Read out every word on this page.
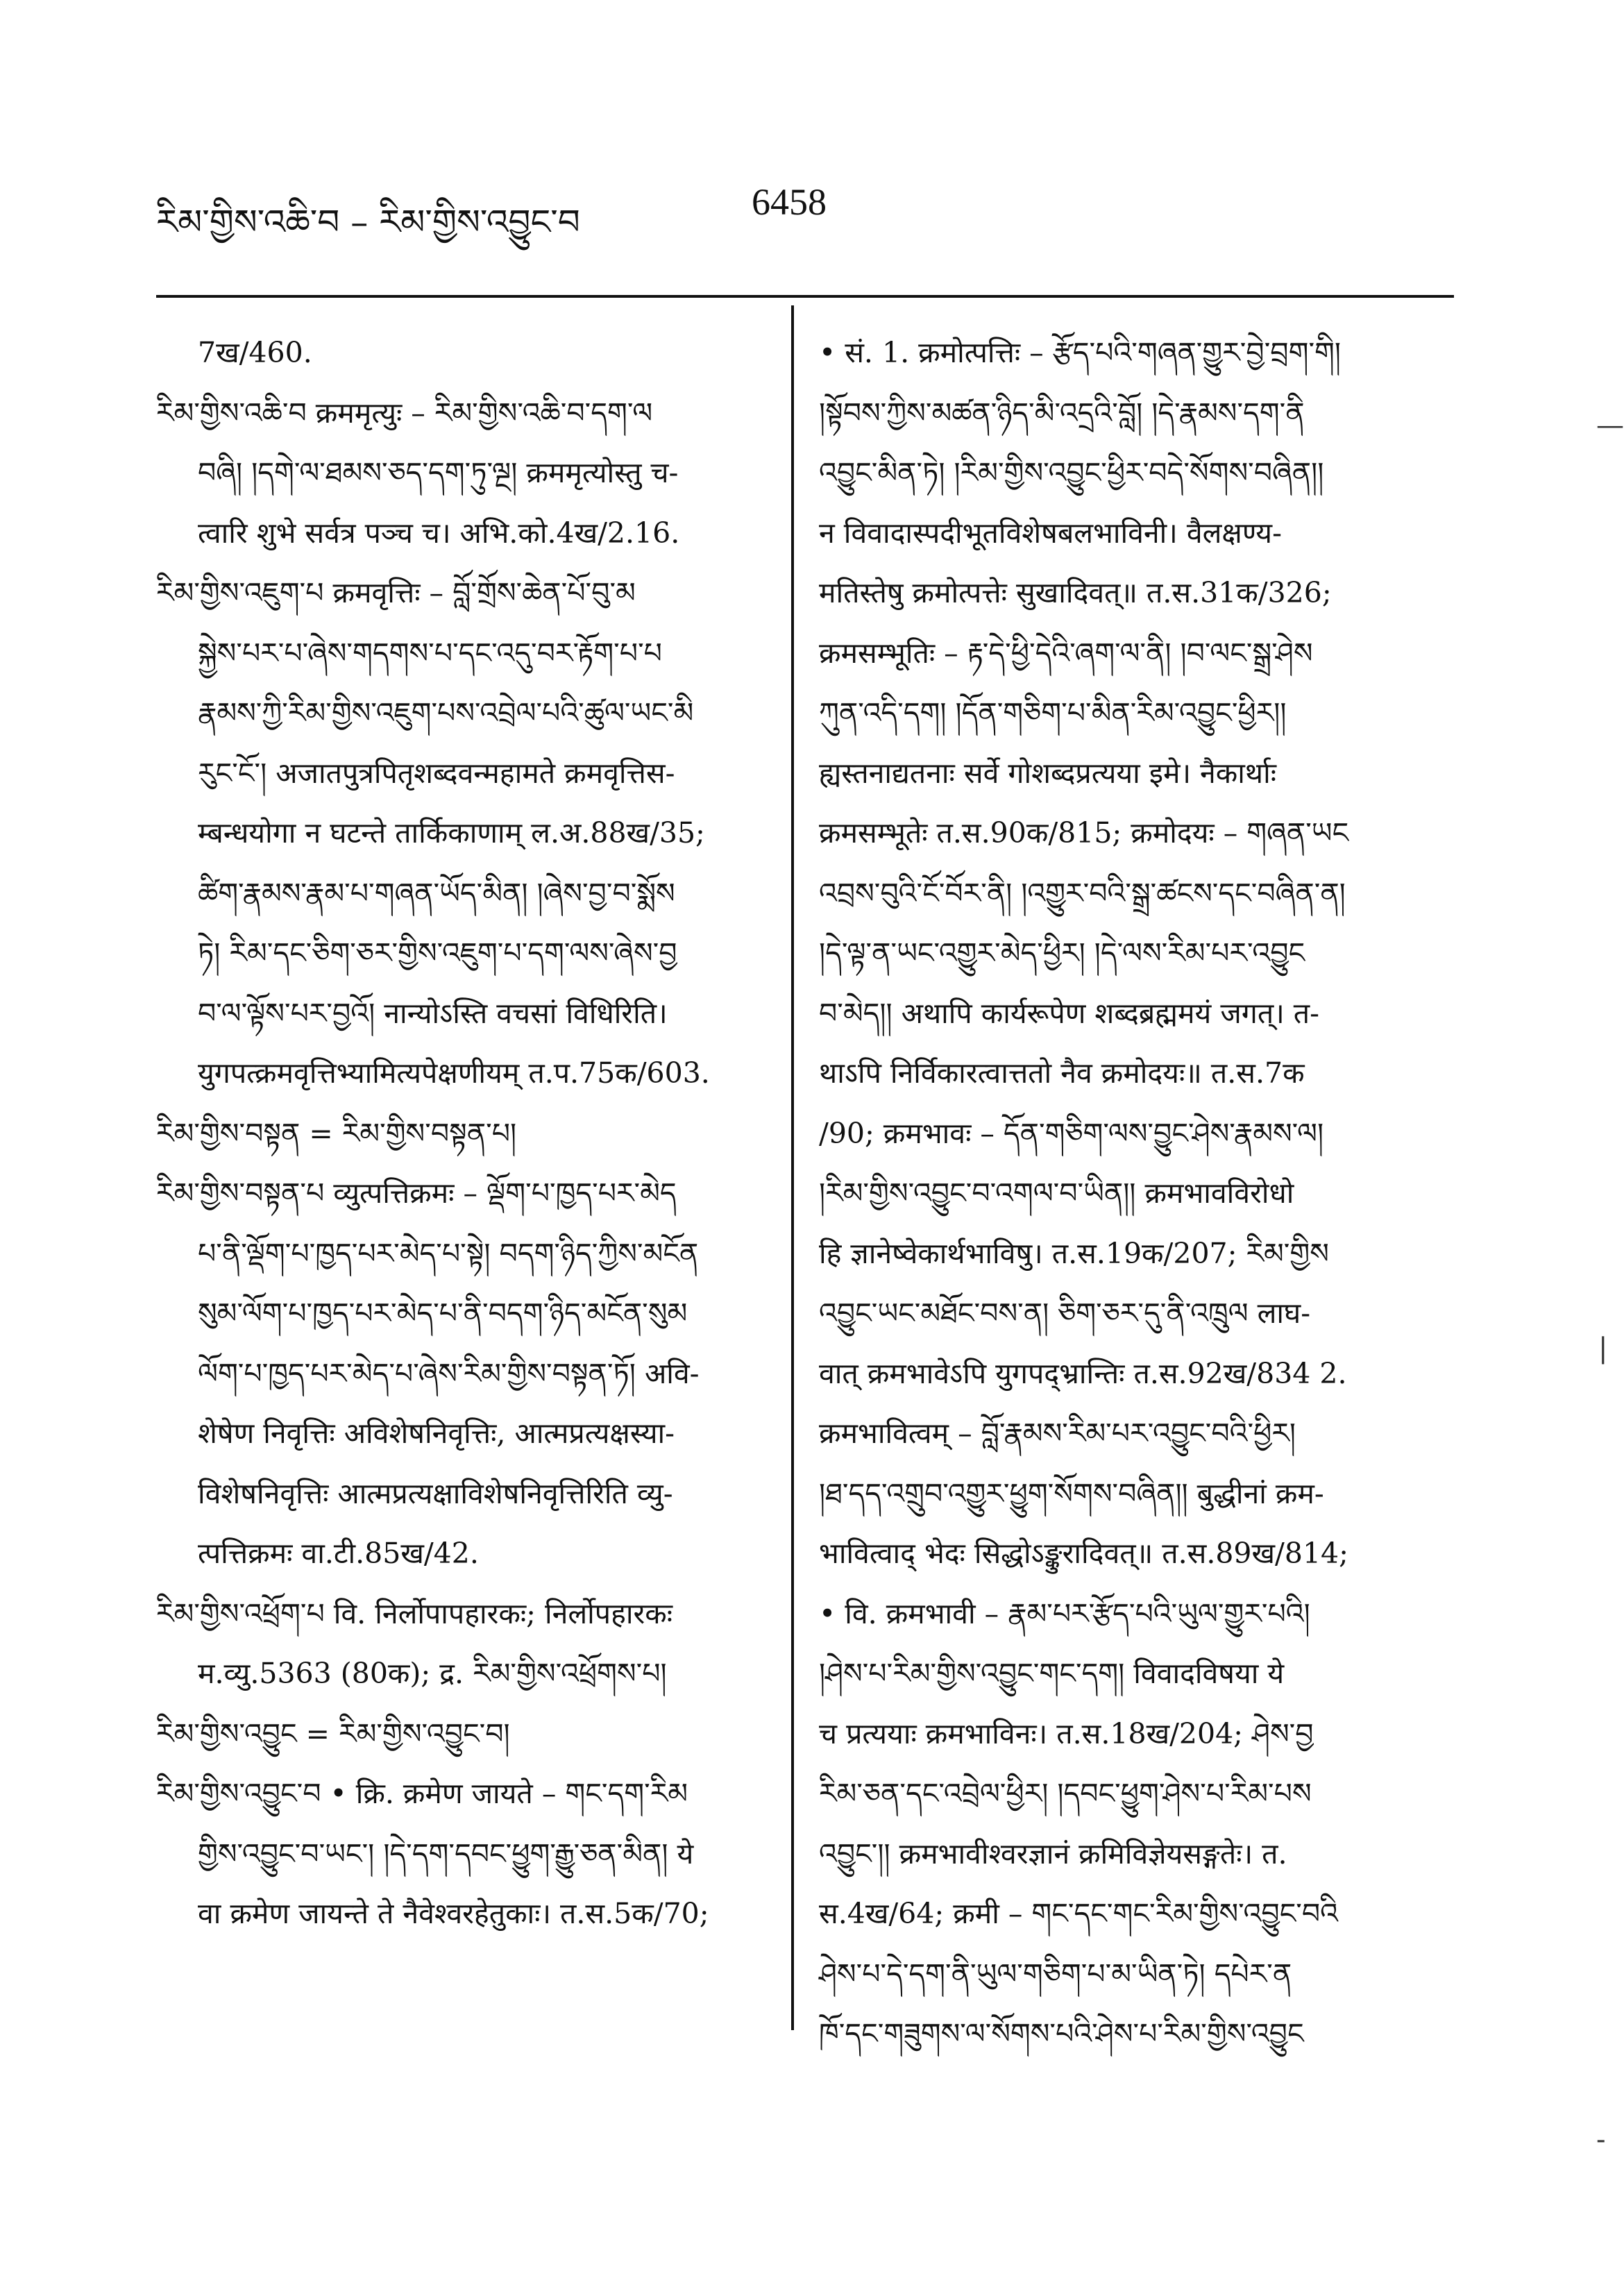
རིམ་གྱིས་འཆི་བ – རིམ་གྱིས་འབྱུང་བ	6458
7ख/460.
རིམ་གྱིས་འཆི་བ क्रममृत्युः – རིམ་གྱིས་འཆི་བ་དག་ལ
བཞི། །དགེ་ལ་ཐམས་ཅད་དག་ཏུ་ལྔ། क्रममृत्योस्तु च-
त्वारि शुभे सर्वत्र पञ्च च। अभि.को.4ख/2.16.
རིམ་གྱིས་འཇུག་པ क्रमवृत्तिः – བློ་གྲོས་ཆེན་པོ་བུ་མ
སྐྱེས་པར་པ་ཞེས་གདགས་པ་དང་འདུ་བར་རྟོག་པ་པ
རྣམས་ཀྱི་རིམ་གྱིས་འཇུག་པས་འབྲེལ་པའི་ཚུལ་ཡང་མི
རུང་ངོ་། अजातपुत्रपितृशब्दवन्महामते क्रमवृत्तिस-
म्बन्धयोगा न घटन्ते तार्किकाणाम् ल.अ.88ख/35;
ཚིག་རྣམས་རྣམ་པ་གཞན་ཡོད་མིན། །ཞེས་བྱ་བ་སྨོས
ཏེ། རིམ་དང་ཅིག་ཅར་གྱིས་འཇུག་པ་དག་ལས་ཞེས་བྱ
བ་ལ་ལྟོས་པར་བྱའོ། नान्योऽस्ति वचसां विधिरिति।
युगपत्क्रमवृत्तिभ्यामित्यपेक्षणीयम् त.प.75क/603.
རིམ་གྱིས་བསྟན = རིམ་གྱིས་བསྟན་པ།
རིམ་གྱིས་བསྟན་པ व्युत्पत्तिक्रमः – ལྡོག་པ་ཁྱད་པར་མེད
པ་ནི་ལྡོག་པ་ཁྱད་པར་མེད་པ་སྟེ། བདག་ཉིད་ཀྱིས་མངོན
སུམ་ལོག་པ་ཁྱད་པར་མེད་པ་ནི་བདག་ཉིད་མངོན་སུམ
ལོག་པ་ཁྱད་པར་མེད་པ་ཞེས་རིམ་གྱིས་བསྟན་ཏོ། अवि-
शेषेण निवृत्तिः अविशेषनिवृत्तिः, आत्मप्रत्यक्षस्या-
विशेषनिवृत्तिः आत्मप्रत्यक्षाविशेषनिवृत्तिरिति व्यु-
त्पत्तिक्रमः वा.टी.85ख/42.
རིམ་གྱིས་འཕྲོག་པ वि. निर्लोपापहारकः; निर्लोपहारकः
म.व्यु.5363 (80क); द्र. རིམ་གྱིས་འཕྲོགས་པ།
རིམ་གྱིས་འབྱུང = རིམ་གྱིས་འབྱུང་བ།
རིམ་གྱིས་འབྱུང་བ • क्रि. क्रमेण जायते – གང་དག་རིམ
གྱིས་འབྱུང་བ་ཡང་། །དེ་དག་དབང་ཕྱུག་རྒྱུ་ཅན་མིན། ये
वा क्रमेण जायन्ते ते नैवेश्वरहेतुकाः। त.स.5क/70;
• सं. 1. क्रमोत्पत्तिः – རྩོད་པའི་གཞན་གྱུར་བྱེ་བྲག་གི།
།སྟོབས་ཀྱིས་མཚན་ཉིད་མི་འདྲའི་བློ། །དེ་རྣམས་དག་ནི
འབྱུང་མིན་ཏེ། །རིམ་གྱིས་འབྱུང་ཕྱིར་བདེ་སོགས་བཞིན།།
न विवादास्पदीभूतविशेषबलभाविनी। वैलक्षण्य-
मतिस्तेषु क्रमोत्पत्तेः सुखादिवत्॥ त.स.31क/326;
क्रमसम्भूतिः – རྟ་དེ་ཕྱི་དེའི་ཞག་ལ་ནི། །བ་ལང་སྒྲ་ཤེས
ཀུན་འདི་དག། །དོན་གཅིག་པ་མིན་རིམ་འབྱུང་ཕྱིར།།
ह्यस्तनाद्यतनाः सर्वे गोशब्दप्रत्यया इमे। नैकार्थाः
क्रमसम्भूतेः त.स.90क/815; क्रमोदयः – གཞན་ཡང
འབྲས་བུའི་ངོ་བོར་ནི། །འགྱུར་བའི་སྒྲ་ཚངས་དང་བཞིན་ན།
།དེ་ལྟ་ན་ཡང་འགྱུར་མེད་ཕྱིར། །དེ་ལས་རིམ་པར་འབྱུང
བ་མེད།། अथापि कार्यरूपेण शब्दब्रह्ममयं जगत्। त-
थाऽपि निर्विकारत्वात्ततो नैव क्रमोदयः॥ त.स.7क
/90; क्रमभावः – དོན་གཅིག་ལས་བྱུང་ཤེས་རྣམས་ལ།
།རིམ་གྱིས་འབྱུང་བ་འགལ་བ་ཡིན།། क्रमभावविरोधो
हि ज्ञानेष्वेकार्थभाविषु। त.स.19क/207; རིམ་གྱིས
འབྱུང་ཡང་མཐོང་བས་ན། ཅིག་ཅར་དུ་ནི་འཁྲུལ लाघ-
वात् क्रमभावेऽपि युगपद्भ्रान्तिः त.स.92ख/834 2.
क्रमभावित्वम् – བློ་རྣམས་རིམ་པར་འབྱུང་བའི་ཕྱིར།
།ཐ་དད་འགྲུབ་འགྱུར་ཕྱུག་སོགས་བཞིན།། बुद्धीनां क्रम-
भावित्वाद् भेदः सिद्धोऽङ्कुरादिवत्॥ त.स.89ख/814;
• वि. क्रमभावी – རྣམ་པར་རྩོད་པའི་ཡུལ་གྱུར་པའི།
།ཤེས་པ་རིམ་གྱིས་འབྱུང་གང་དག། विवादविषया ये
च प्रत्ययाः क्रमभाविनः। त.स.18ख/204; ཤེས་བྱ
རིམ་ཅན་དང་འབྲེལ་ཕྱིར། །དབང་ཕྱུག་ཤེས་པ་རིམ་པས
འབྱུང་།། क्रमभावीश्वरज्ञानं क्रमिविज्ञेयसङ्गतेः। त.
स.4ख/64; क्रमी – གང་དང་གང་རིམ་གྱིས་འབྱུང་བའི
ཤེས་པ་དེ་དག་ནི་ཡུལ་གཅིག་པ་མ་ཡིན་ཏེ། དཔེར་ན
ཁོ་དང་གཟུགས་ལ་སོགས་པའི་ཤེས་པ་རིམ་གྱིས་འབྱུང
—
|
-
